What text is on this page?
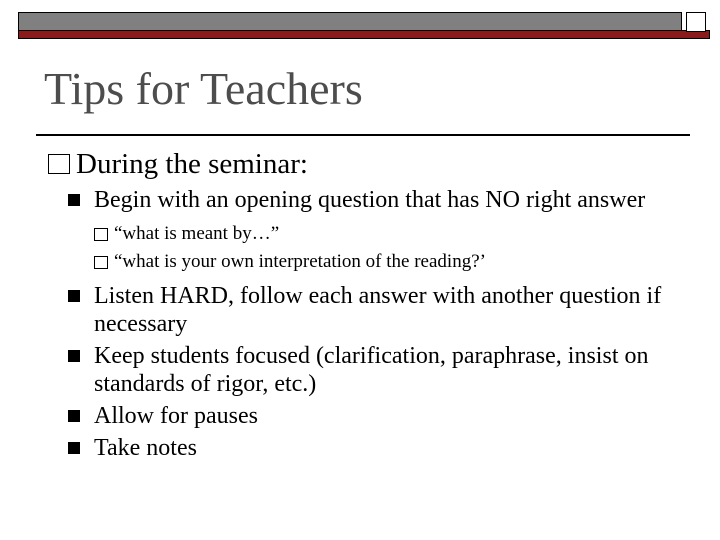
Tips for Teachers
During the seminar:
Begin with an opening question that has NO right answer
“what is meant by…”
“what is your own interpretation of the reading?’
Listen HARD, follow each answer with another question if necessary
Keep students focused (clarification, paraphrase, insist on standards of rigor, etc.)
Allow for pauses
Take notes
